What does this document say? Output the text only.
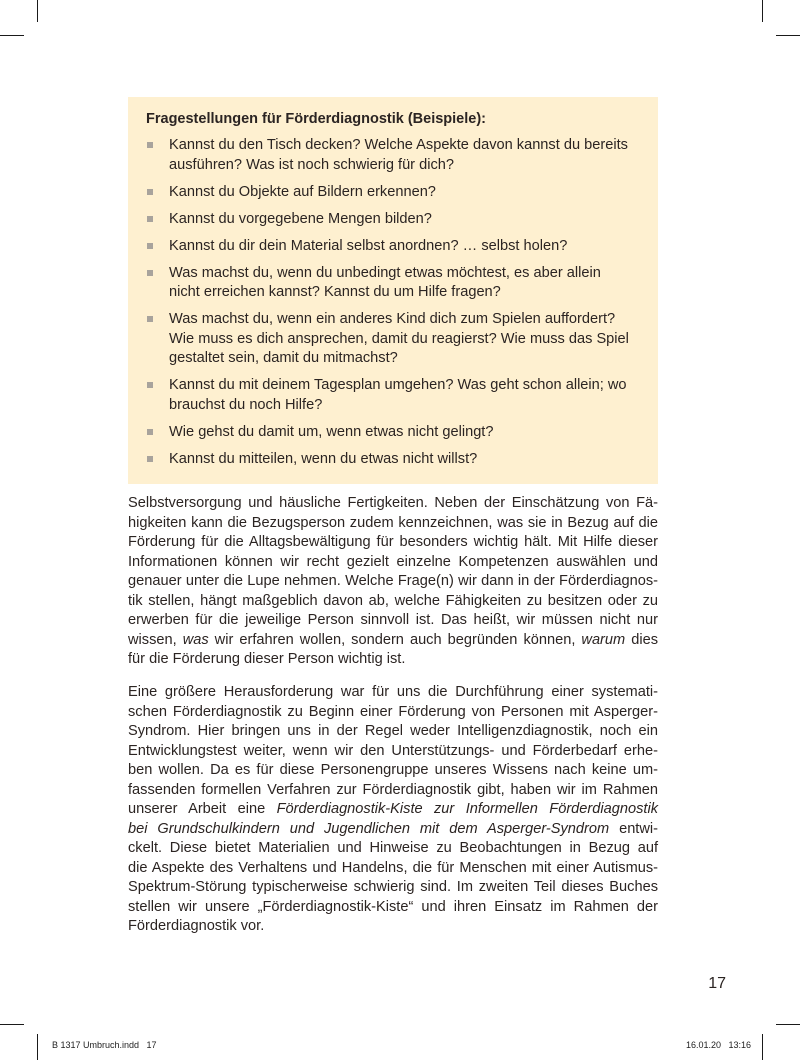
Fragestellungen für Förderdiagnostik (Beispiele):
Kannst du den Tisch decken? Welche Aspekte davon kannst du bereits
ausführen? Was ist noch schwierig für dich?
Kannst du Objekte auf Bildern erkennen?
Kannst du vorgegebene Mengen bilden?
Kannst du dir dein Material selbst anordnen? … selbst holen?
Was machst du, wenn du unbedingt etwas möchtest, es aber allein
nicht erreichen kannst? Kannst du um Hilfe fragen?
Was machst du, wenn ein anderes Kind dich zum Spielen auffordert?
Wie muss es dich ansprechen, damit du reagierst? Wie muss das Spiel
gestaltet sein, damit du mitmachst?
Kannst du mit deinem Tagesplan umgehen? Was geht schon allein; wo
brauchst du noch Hilfe?
Wie gehst du damit um, wenn etwas nicht gelingt?
Kannst du mitteilen, wenn du etwas nicht willst?
Selbstversorgung und häusliche Fertigkeiten. Neben der Einschätzung von Fä-
higkeiten kann die Bezugsperson zudem kennzeichnen, was sie in Bezug auf die
Förderung für die Alltagsbewältigung für besonders wichtig hält. Mit Hilfe dieser
Informationen können wir recht gezielt einzelne Kompetenzen auswählen und
genauer unter die Lupe nehmen. Welche Frage(n) wir dann in der Förderdiagnos-
tik stellen, hängt maßgeblich davon ab, welche Fähigkeiten zu besitzen oder zu
erwerben für die jeweilige Person sinnvoll ist. Das heißt, wir müssen nicht nur
wissen, was wir erfahren wollen, sondern auch begründen können, warum dies
für die Förderung dieser Person wichtig ist.
Eine größere Herausforderung war für uns die Durchführung einer systemati-
schen Förderdiagnostik zu Beginn einer Förderung von Personen mit Asperger-
Syndrom. Hier bringen uns in der Regel weder Intelligenzdiagnostik, noch ein
Entwicklungstest weiter, wenn wir den Unterstützungs- und Förderbedarf erhe-
ben wollen. Da es für diese Personengruppe unseres Wissens nach keine um-
fassenden formellen Verfahren zur Förderdiagnostik gibt, haben wir im Rahmen
unserer Arbeit eine Förderdiagnostik-Kiste zur Informellen Förderdiagnostik
bei Grundschulkindern und Jugendlichen mit dem Asperger-Syndrom entwi-
ckelt. Diese bietet Materialien und Hinweise zu Beobachtungen in Bezug auf
die Aspekte des Verhaltens und Handelns, die für Menschen mit einer Autismus-
Spektrum-Störung typischerweise schwierig sind. Im zweiten Teil dieses Buches
stellen wir unsere „Förderdiagnostik-Kiste“ und ihren Einsatz im Rahmen der
Förderdiagnostik vor.
17
B 1317 Umbruch.indd   17	16.01.20   13:16
